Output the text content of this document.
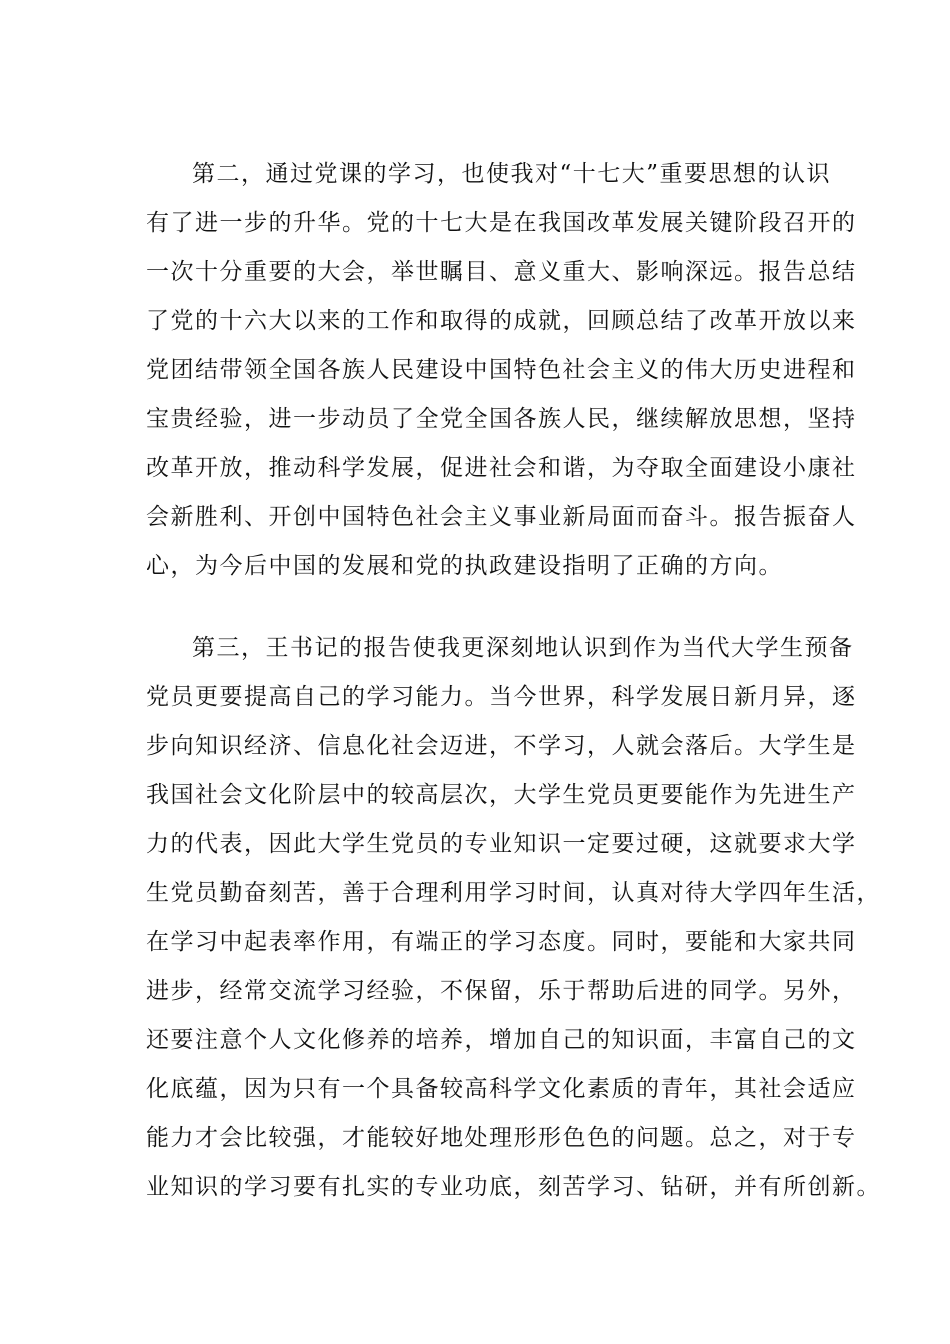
第二，通过党课的学习，也使我对“十七大”重要思想的认识
有了进一步的升华。党的十七大是在我国改革发展关键阶段召开的
一次十分重要的大会，举世瞩目、意义重大、影响深远。报告总结
了党的十六大以来的工作和取得的成就，回顾总结了改革开放以来
党团结带领全国各族人民建设中国特色社会主义的伟大历史进程和
宝贵经验，进一步动员了全党全国各族人民，继续解放思想，坚持
改革开放，推动科学发展，促进社会和谐，为夺取全面建设小康社
会新胜利、开创中国特色社会主义事业新局面而奋斗。报告振奋人
心，为今后中国的发展和党的执政建设指明了正确的方向。
第三，王书记的报告使我更深刻地认识到作为当代大学生预备
党员更要提高自己的学习能力。当今世界，科学发展日新月异，逐
步向知识经济、信息化社会迈进，不学习，人就会落后。大学生是
我国社会文化阶层中的较高层次，大学生党员更要能作为先进生产
力的代表，因此大学生党员的专业知识一定要过硬，这就要求大学
生党员勤奋刻苦，善于合理利用学习时间，认真对待大学四年生活，
在学习中起表率作用，有端正的学习态度。同时，要能和大家共同
进步，经常交流学习经验，不保留，乐于帮助后进的同学。另外，
还要注意个人文化修养的培养，增加自己的知识面，丰富自己的文
化底蕴，因为只有一个具备较高科学文化素质的青年，其社会适应
能力才会比较强，才能较好地处理形形色色的问题。总之，对于专
业知识的学习要有扎实的专业功底，刻苦学习、钻研，并有所创新。
